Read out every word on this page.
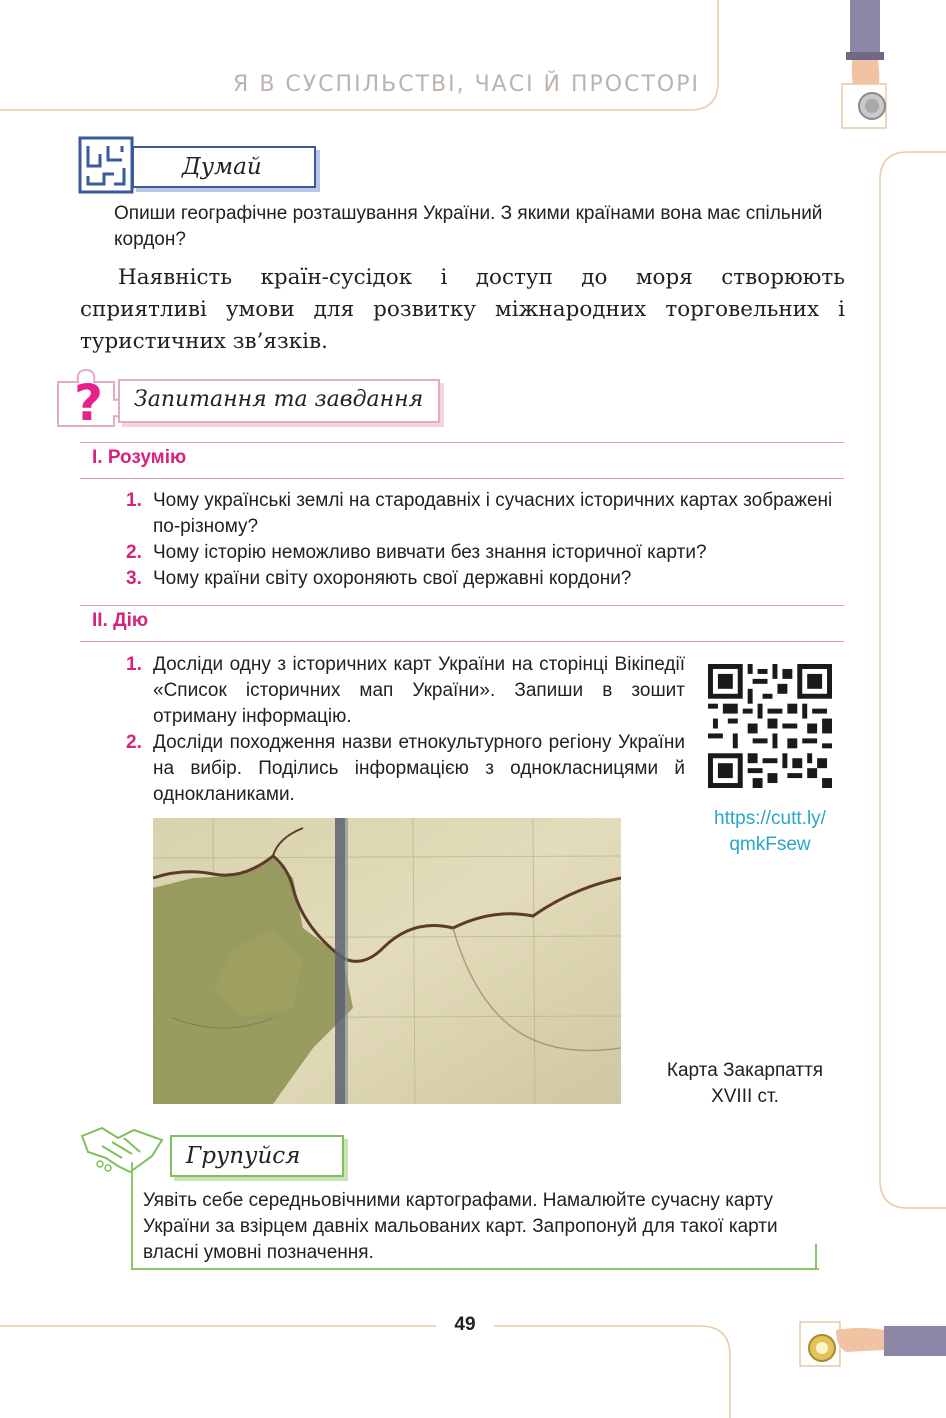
Я В СУСПІЛЬСТВІ, ЧАСІ Й ПРОСТОРІ
Думай
Опиши географічне розташування України. З якими країнами вона має спільний кордон?
Наявність країн-сусідок і доступ до моря створюють сприятливі умови для розвитку міжнародних торговельних і туристичних зв’язків.
? Запитання та завдання
І. Розумію
1. Чому українські землі на стародавніх і сучасних історичних картах зображені по-різному?
2. Чому історію неможливо вивчати без знання історичної карти?
3. Чому країни світу охороняють свої державні кордони?
ІІ. Дію
1. Досліди одну з історичних карт України на сторінці Вікіпедії «Список історичних мап України». Запиши в зошит отриману інформацію.
2. Досліди походження назви етнокультурного регіону України на вибір. Поділись інформацією з однокласницями й однокланиками.
https://cutt.ly/
qmkFsew
Карта Закарпаття
XVIII ст.
Групуйся
Уявіть себе середньовічними картографами. Намалюйте сучасну карту України за взірцем давніх мальованих карт. Запропонуй для такої карти власні умовні позначення.
49
